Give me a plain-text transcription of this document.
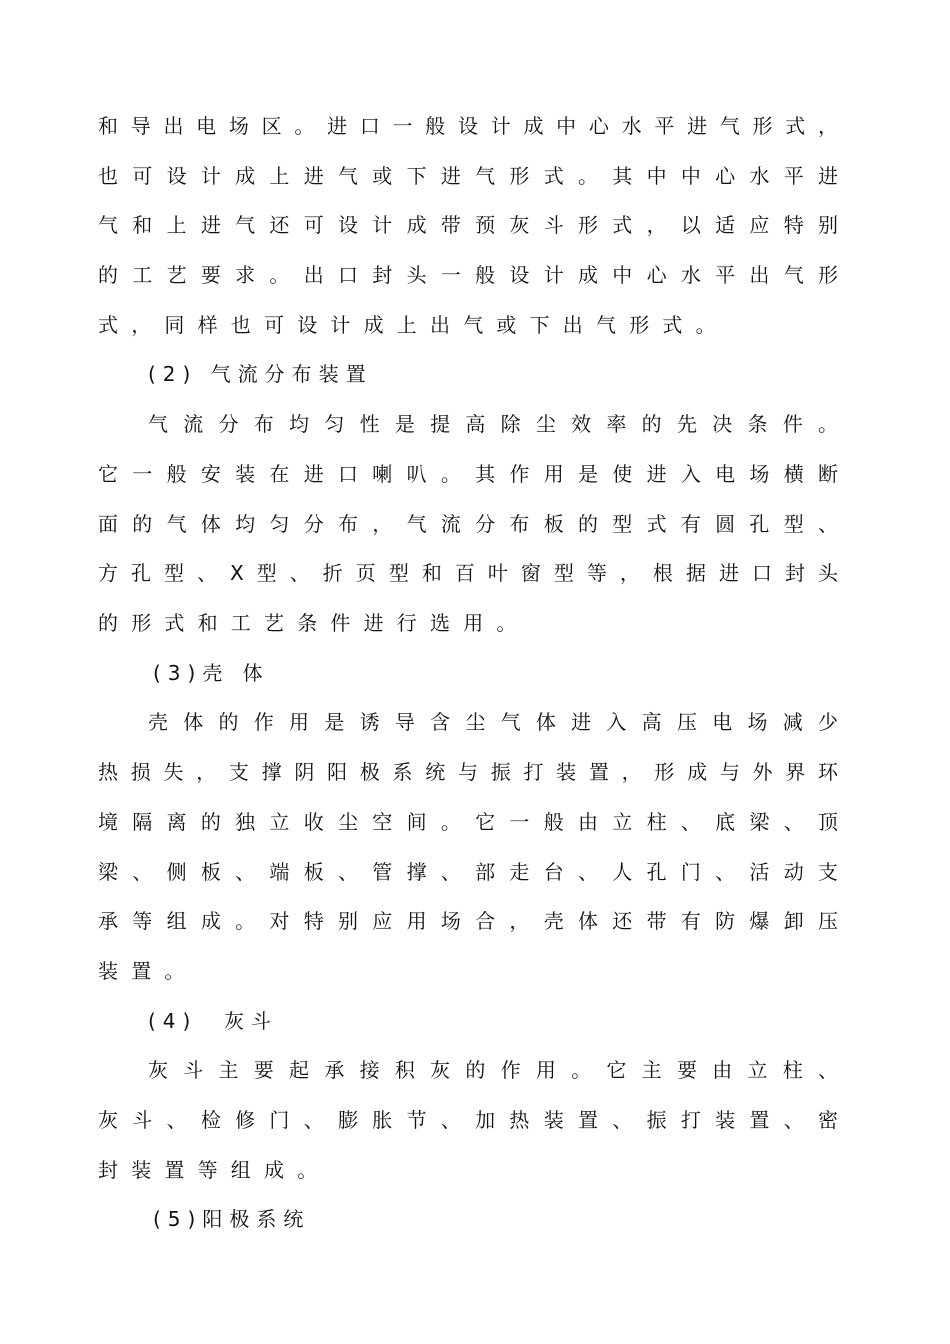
和导出电场区。进口一般设计成中心水平进气形式，
也可设计成上进气或下进气形式。其中中心水平进
气和上进气还可设计成带预灰斗形式，以适应特别
的工艺要求。出口封头一般设计成中心水平出气形
式，同样也可设计成上出气或下出气形式。
(2) 气流分布装置
气流分布均匀性是提高除尘效率的先决条件。
它一般安装在进口喇叭。其作用是使进入电场横断
面的气体均匀分布，气流分布板的型式有圆孔型、
方孔型、X型、折页型和百叶窗型等，根据进口封头
的形式和工艺条件进行选用。
(3)壳 体
壳体的作用是诱导含尘气体进入高压电场减少
热损失，支撑阴阳极系统与振打装置，形成与外界环
境隔离的独立收尘空间。它一般由立柱、底梁、顶
梁、侧板、端板、管撑、部走台、人孔门、活动支
承等组成。对特别应用场合，壳体还带有防爆卸压
装置。
(4)  灰斗
灰斗主要起承接积灰的作用。它主要由立柱、
灰斗、检修门、膨胀节、加热装置、振打装置、密
封装置等组成。
(5)阳极系统
